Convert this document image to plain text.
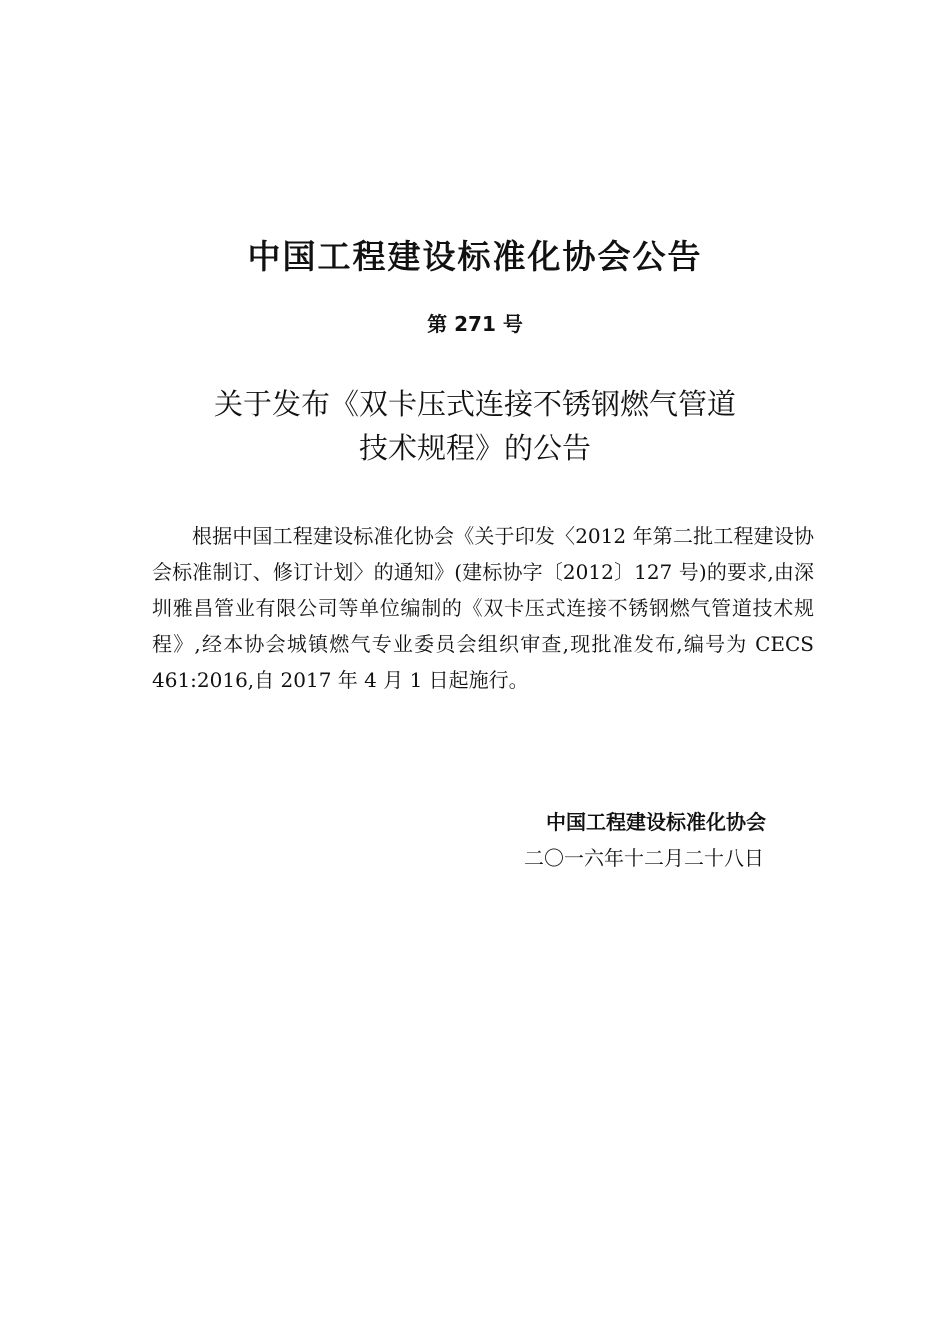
中国工程建设标准化协会公告
第 271 号
关于发布《双卡压式连接不锈钢燃气管道
技术规程》的公告

根据中国工程建设标准化协会《关于印发〈2012 年第二批工程建设协会标准制订、修订计划〉的通知》(建标协字〔2012〕127 号)的要求,由深圳雅昌管业有限公司等单位编制的《双卡压式连接不锈钢燃气管道技术规程》,经本协会城镇燃气专业委员会组织审查,现批准发布,编号为 CECS 461:2016,自 2017 年 4 月 1 日起施行。

中国工程建设标准化协会
二〇一六年十二月二十八日
